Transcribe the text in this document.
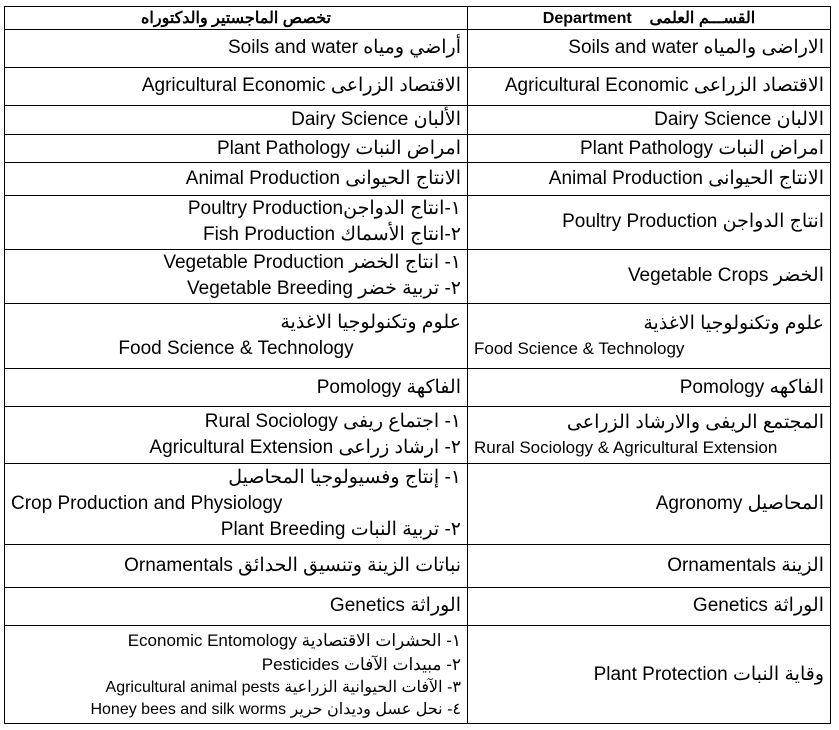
تخصص الماجستير والدكتوراه	Department القســـم العلمى

Soils and water أراضي ومياه	Soils and water الاراضى والمياه

Agricultural Economic الاقتصاد الزراعى	Agricultural Economic الاقتصاد الزراعى

Dairy Science الألبان	Dairy Science الالبان

Plant Pathology امراض النبات	Plant Pathology امراض النبات

Animal Production الانتاج الحيوانى	Animal Production الانتاج الحيوانى

١-انتاج الدواجنPoultry Production
٢-انتاج الأسماك Fish Production	Poultry Production انتاج الدواجن

١- انتاج الخضر Vegetable Production
٢- تربية خضر Vegetable Breeding	Vegetable Crops الخضر

علوم وتكنولوجيا الاغذية
Food Science & Technology	علوم وتكنولوجيا الاغذية
Food Science & Technology

Pomology الفاكهة	Pomology الفاكهه

١- اجتماع ريفى Rural Sociology
٢- ارشاد زراعى Agricultural Extension	المجتمع الريفى والارشاد الزراعى
Rural Sociology & Agricultural Extension

١- إنتاج وفسيولوجيا المحاصيل
Crop Production and Physiology
٢- تربية النبات Plant Breeding	Agronomy المحاصيل

نباتات الزينة وتنسيق الحدائق Ornamentals	Ornamentals الزينة

Genetics الوراثة	Genetics الوراثة

١- الحشرات الاقتصادية Economic Entomology
٢- مبيدات الآفات Pesticides
٣- الآفات الحيوانية الزراعية Agricultural animal pests
٤- نحل عسل وديدان حرير Honey bees and silk worms	Plant Protection وقاية النبات
